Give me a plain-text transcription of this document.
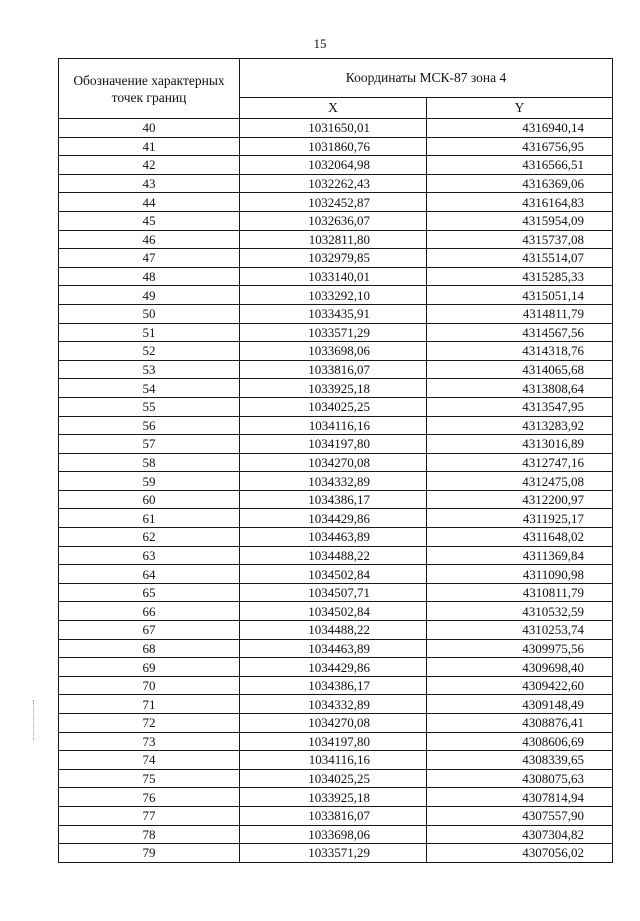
15
Обозначение характерных точек границ	Координаты МСК-87 зона 4	
	X	Y
40	1031650,01	4316940,14
41	1031860,76	4316756,95
42	1032064,98	4316566,51
43	1032262,43	4316369,06
44	1032452,87	4316164,83
45	1032636,07	4315954,09
46	1032811,80	4315737,08
47	1032979,85	4315514,07
48	1033140,01	4315285,33
49	1033292,10	4315051,14
50	1033435,91	4314811,79
51	1033571,29	4314567,56
52	1033698,06	4314318,76
53	1033816,07	4314065,68
54	1033925,18	4313808,64
55	1034025,25	4313547,95
56	1034116,16	4313283,92
57	1034197,80	4313016,89
58	1034270,08	4312747,16
59	1034332,89	4312475,08
60	1034386,17	4312200,97
61	1034429,86	4311925,17
62	1034463,89	4311648,02
63	1034488,22	4311369,84
64	1034502,84	4311090,98
65	1034507,71	4310811,79
66	1034502,84	4310532,59
67	1034488,22	4310253,74
68	1034463,89	4309975,56
69	1034429,86	4309698,40
70	1034386,17	4309422,60
71	1034332,89	4309148,49
72	1034270,08	4308876,41
73	1034197,80	4308606,69
74	1034116,16	4308339,65
75	1034025,25	4308075,63
76	1033925,18	4307814,94
77	1033816,07	4307557,90
78	1033698,06	4307304,82
79	1033571,29	4307056,02
